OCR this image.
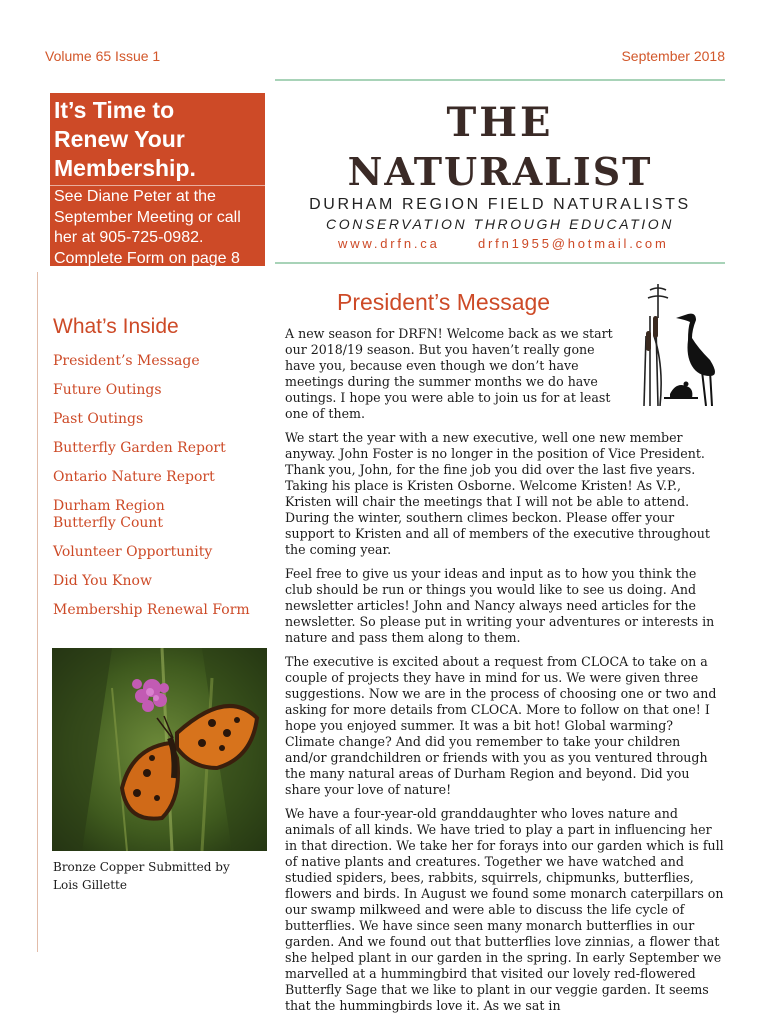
Volume 65 Issue 1	September 2018
It’s Time to
Renew Your
Membership.
See Diane Peter at the
September Meeting or call
her at 905-725-0982.
Complete Form on page 8
THE
NATURALIST
DURHAM REGION FIELD NATURALISTS
CONSERVATION THROUGH EDUCATION
www.drfn.ca	drfn1955@hotmail.com
What’s Inside
President’s Message
Future Outings
Past Outings
Butterfly Garden Report
Ontario Nature Report
Durham Region Butterfly Count
Volunteer Opportunity
Did You Know
Membership Renewal Form
Bronze Copper Submitted by Lois Gillette
President’s Message

A new season for DRFN! Welcome back as we start our 2018/19 season. But you haven’t really gone have you, because even though we don’t have meetings during the summer months we do have outings. I hope you were able to join us for at least one of them.

We start the year with a new executive, well one new member anyway. John Foster is no longer in the position of Vice President. Thank you, John, for the fine job you did over the last five years. Taking his place is Kristen Osborne. Welcome Kristen! As V.P., Kristen will chair the meetings that I will not be able to attend. During the winter, southern climes beckon. Please offer your support to Kristen and all of members of the executive throughout the coming year.

Feel free to give us your ideas and input as to how you think the club should be run or things you would like to see us doing. And newsletter articles! John and Nancy always need articles for the newsletter. So please put in writing your adventures or interests in nature and pass them along to them.

The executive is excited about a request from CLOCA to take on a couple of projects they have in mind for us. We were given three suggestions. Now we are in the process of choosing one or two and asking for more details from CLOCA. More to follow on that one! I hope you enjoyed summer. It was a bit hot! Global warming? Climate change? And did you remember to take your children and/or grandchildren or friends with you as you ventured through the many natural areas of Durham Region and beyond. Did you share your love of nature!

We have a four-year-old granddaughter who loves nature and animals of all kinds. We have tried to play a part in influencing her in that direction. We take her for forays into our garden which is full of native plants and creatures. Together we have watched and studied spiders, bees, rabbits, squirrels, chipmunks, butterflies, flowers and birds. In August we found some monarch caterpillars on our swamp milkweed and were able to discuss the life cycle of butterflies. We have since seen many monarch butterflies in our garden. And we found out that butterflies love zinnias, a flower that she helped plant in our garden in the spring. In early September we marvelled at a hummingbird that visited our lovely red-flowered Butterfly Sage that we like to plant in our veggie garden. It seems that the hummingbirds love it. As we sat in
